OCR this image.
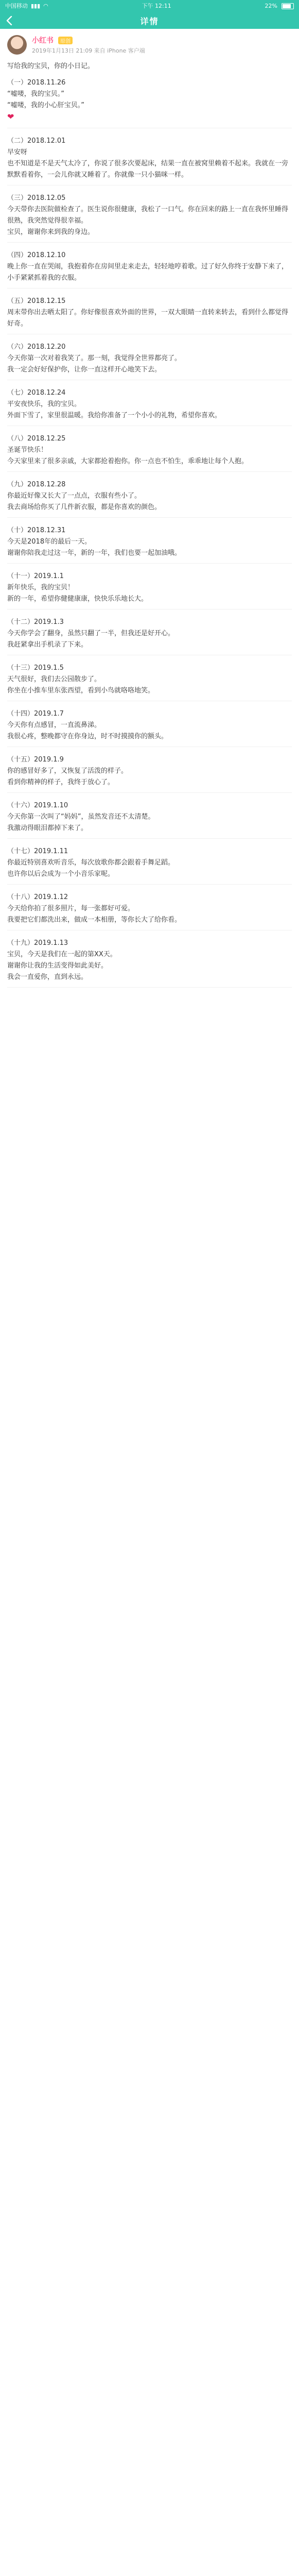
中国移动 ▮▮▮ ◠	下午 12:11	22%
详情
小红书 原创
2019年1月13日 21:09 来自 iPhone 客户端

写给我的宝贝，你的小日记。

（一）2018.11.26

“嘘喽，我的宝贝。”

“嘘喽，我的小心肝宝贝。”

❤

（二）2018.12.01

早安呀

也不知道是不是天气太冷了，你说了很多次要起床，结果一直在被窝里赖着不起来。我就在一旁默默看着你，一会儿你就又睡着了。你就像一只小猫咪一样。

（三）2018.12.05

今天带你去医院做检查了。医生说你很健康，我松了一口气。你在回来的路上一直在我怀里睡得很熟，我突然觉得很幸福。

宝贝，谢谢你来到我的身边。

（四）2018.12.10

晚上你一直在哭闹，我抱着你在房间里走来走去，轻轻地哼着歌。过了好久你终于安静下来了，小手紧紧抓着我的衣服。

（五）2018.12.15

周末带你出去晒太阳了。你好像很喜欢外面的世界，一双大眼睛一直转来转去，看到什么都觉得好奇。

（六）2018.12.20

今天你第一次对着我笑了。那一刻，我觉得全世界都亮了。

我一定会好好保护你，让你一直这样开心地笑下去。

（七）2018.12.24

平安夜快乐，我的宝贝。

外面下雪了，家里很温暖。我给你准备了一个小小的礼物，希望你喜欢。

（八）2018.12.25

圣诞节快乐！

今天家里来了很多亲戚，大家都抢着抱你。你一点也不怕生，乖乖地让每个人抱。

（九）2018.12.28

你最近好像又长大了一点点，衣服有些小了。

我去商场给你买了几件新衣服，都是你喜欢的颜色。

（十）2018.12.31

今天是2018年的最后一天。

谢谢你陪我走过这一年，新的一年，我们也要一起加油哦。

（十一）2019.1.1

新年快乐，我的宝贝！

新的一年，希望你健健康康，快快乐乐地长大。

（十二）2019.1.3

今天你学会了翻身，虽然只翻了一半，但我还是好开心。

我赶紧拿出手机录了下来。

（十三）2019.1.5

天气很好，我们去公园散步了。

你坐在小推车里东张西望，看到小鸟就咯咯地笑。

（十四）2019.1.7

今天你有点感冒，一直流鼻涕。

我很心疼，整晚都守在你身边，时不时摸摸你的额头。

（十五）2019.1.9

你的感冒好多了，又恢复了活泼的样子。

看到你精神的样子，我终于放心了。

（十六）2019.1.10

今天你第一次叫了“妈妈”，虽然发音还不太清楚。

我激动得眼泪都掉下来了。

（十七）2019.1.11

你最近特别喜欢听音乐，每次放歌你都会跟着手舞足蹈。

也许你以后会成为一个小音乐家呢。

（十八）2019.1.12

今天给你拍了很多照片，每一张都好可爱。

我要把它们都洗出来，做成一本相册，等你长大了给你看。

（十九）2019.1.13

宝贝，今天是我们在一起的第XX天。

谢谢你让我的生活变得如此美好。

我会一直爱你，直到永远。
